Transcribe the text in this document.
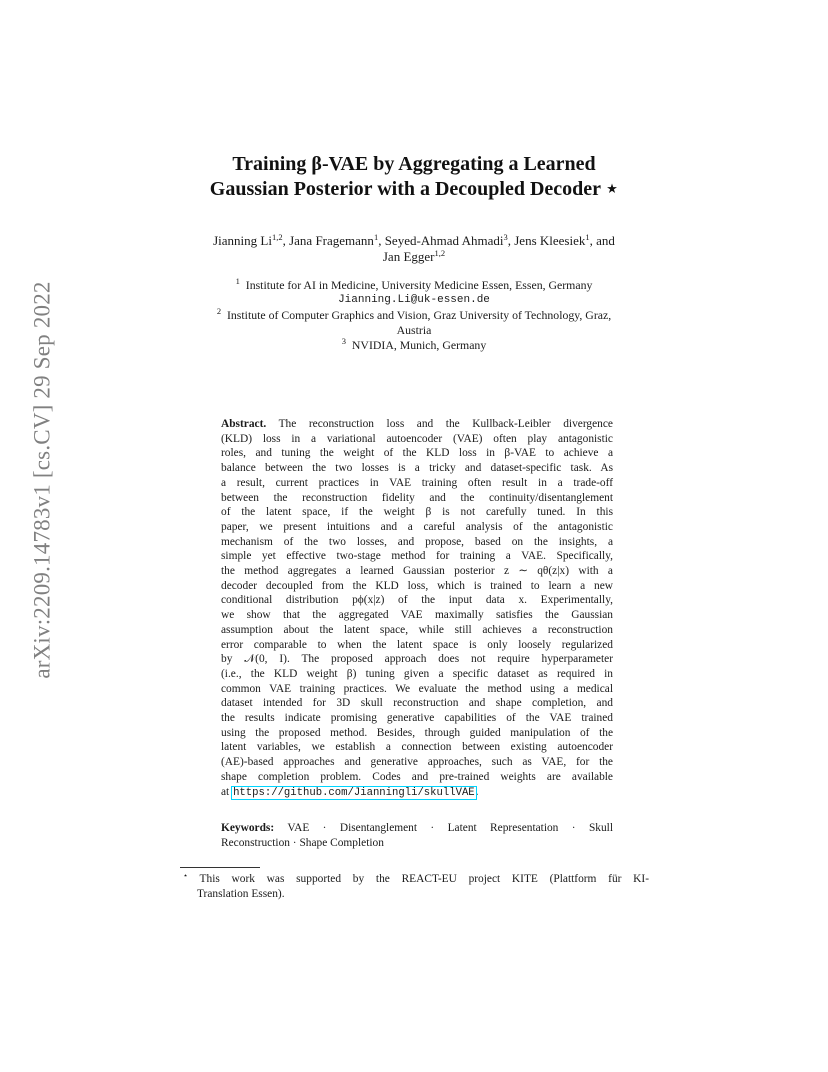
arXiv:2209.14783v1 [cs.CV] 29 Sep 2022
Training β-VAE by Aggregating a Learned
Gaussian Posterior with a Decoupled Decoder ⋆
Jianning Li$^{1,2}$, Jana Fragemann$^1$, Seyed-Ahmad Ahmadi$^3$, Jens Kleesiek$^1$, and
Jan Egger$^{1,2}$
$^1$ Institute for AI in Medicine, University Medicine Essen, Essen, Germany
Jianning.Li@uk-essen.de
$^2$ Institute of Computer Graphics and Vision, Graz University of Technology, Graz,
Austria
$^3$ NVIDIA, Munich, Germany
Abstract. The reconstruction loss and the Kullback-Leibler divergence
(KLD) loss in a variational autoencoder (VAE) often play antagonistic
roles, and tuning the weight of the KLD loss in β-VAE to achieve a
balance between the two losses is a tricky and dataset-specific task. As
a result, current practices in VAE training often result in a trade-off
between the reconstruction fidelity and the continuity/disentanglement
of the latent space, if the weight β is not carefully tuned. In this
paper, we present intuitions and a careful analysis of the antagonistic
mechanism of the two losses, and propose, based on the insights, a
simple yet effective two-stage method for training a VAE. Specifically,
the method aggregates a learned Gaussian posterior z ∼ qθ(z|x) with a
decoder decoupled from the KLD loss, which is trained to learn a new
conditional distribution pϕ(x|z) of the input data x. Experimentally,
we show that the aggregated VAE maximally satisfies the Gaussian
assumption about the latent space, while still achieves a reconstruction
error comparable to when the latent space is only loosely regularized
by 𝒩(0, I). The proposed approach does not require hyperparameter
(i.e., the KLD weight β) tuning given a specific dataset as required in
common VAE training practices. We evaluate the method using a medical
dataset intended for 3D skull reconstruction and shape completion, and
the results indicate promising generative capabilities of the VAE trained
using the proposed method. Besides, through guided manipulation of the
latent variables, we establish a connection between existing autoencoder
(AE)-based approaches and generative approaches, such as VAE, for the
shape completion problem. Codes and pre-trained weights are available
at https://github.com/Jianningli/skullVAE.
Keywords: VAE · Disentanglement · Latent Representation · Skull
Reconstruction · Shape Completion
⋆ This work was supported by the REACT-EU project KITE (Plattform für KI-
Translation Essen).
